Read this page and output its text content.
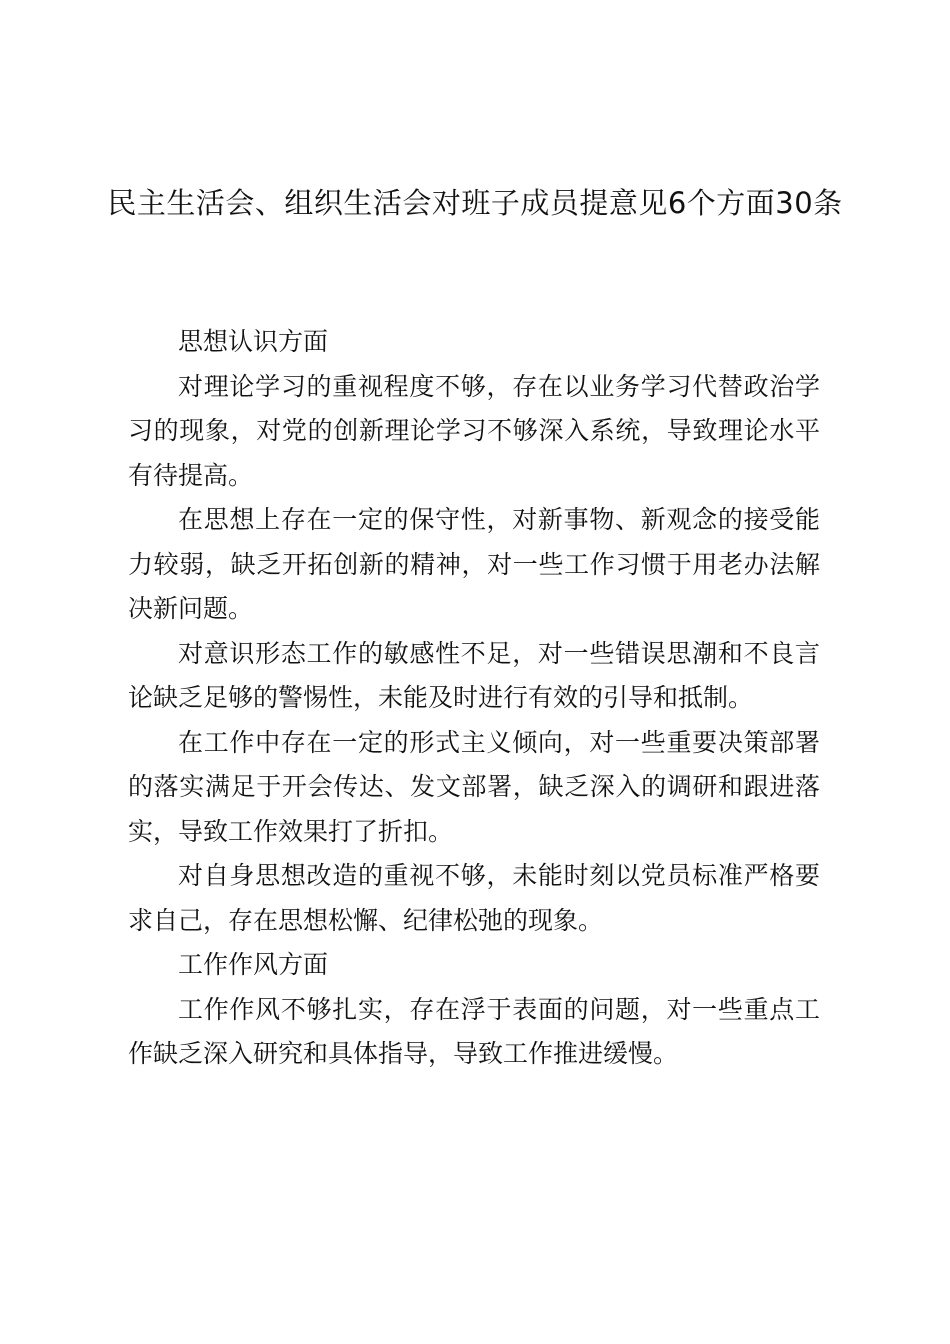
民主生活会、组织生活会对班子成员提意见6个方面30条

思想认识方面

对理论学习的重视程度不够，存在以业务学习代替政治学习的现象，对党的创新理论学习不够深入系统，导致理论水平有待提高。

在思想上存在一定的保守性，对新事物、新观念的接受能力较弱，缺乏开拓创新的精神，对一些工作习惯于用老办法解决新问题。

对意识形态工作的敏感性不足，对一些错误思潮和不良言论缺乏足够的警惕性，未能及时进行有效的引导和抵制。

在工作中存在一定的形式主义倾向，对一些重要决策部署的落实满足于开会传达、发文部署，缺乏深入的调研和跟进落实，导致工作效果打了折扣。

对自身思想改造的重视不够，未能时刻以党员标准严格要求自己，存在思想松懈、纪律松弛的现象。

工作作风方面

工作作风不够扎实，存在浮于表面的问题，对一些重点工作缺乏深入研究和具体指导，导致工作推进缓慢。
